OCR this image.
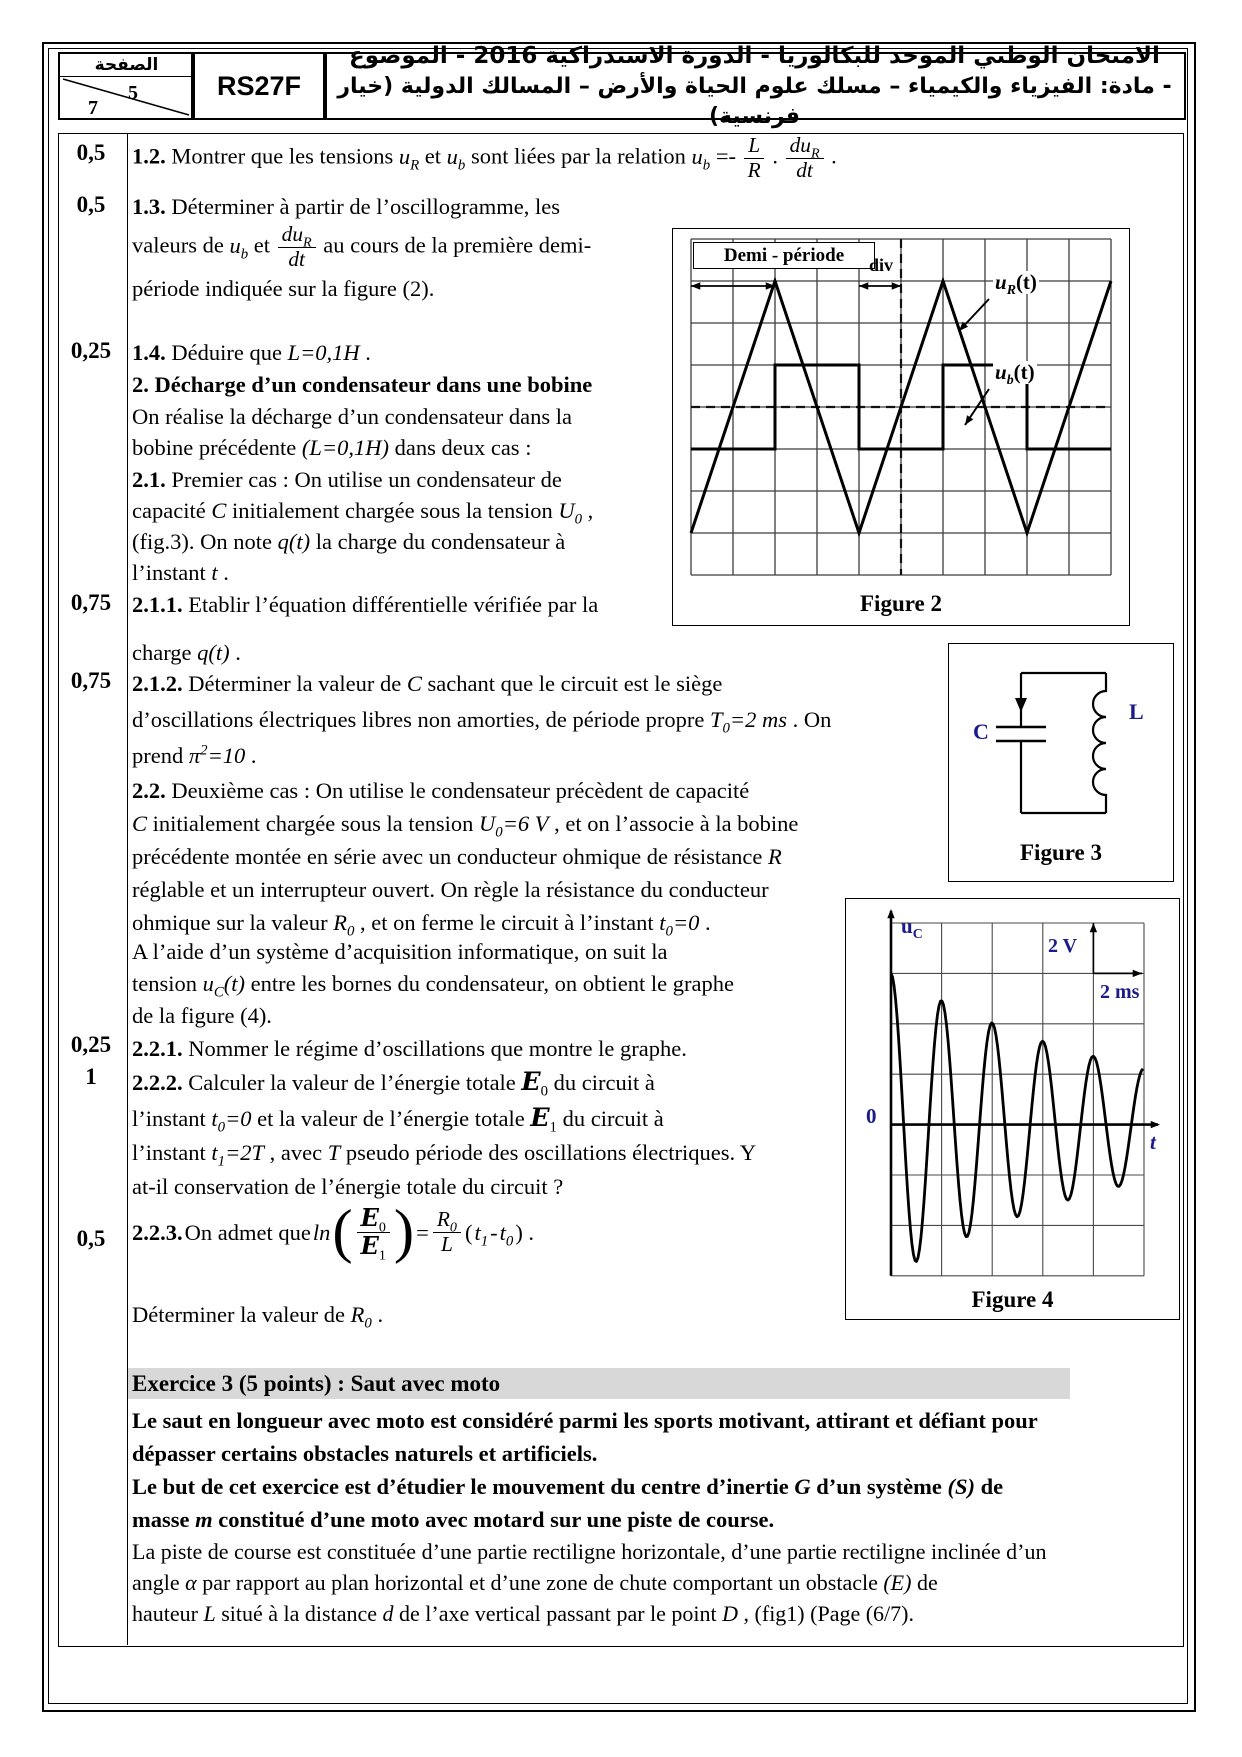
الصفحة
5
7
RS27F
الامتحان الوطني الموحد للبكالوريا - الدورة الاستدراكية 2016 - الموضوع
- مادة: الفيزياء والكيمياء – مسلك علوم الحياة والأرض – المسالك الدولية (خيار فرنسية)
0,5
0,5
0,25
0,75
0,75
0,25
1
0,5
1.2. Montrer que les tensions $u_R$ et $u_b$ sont liées par la relation $u_b =- \frac{L}{R}$ . $\frac{du_R}{dt}$ .
1.3. Déterminer à partir de l’oscillogramme, les
valeurs de $u_b$ et $\frac{du_R}{dt}$ au cours de la première demi-
période indiquée sur la figure (2).
1.4. Déduire que L=0,1H .
2. Décharge d’un condensateur dans une bobine
On réalise la décharge d’un condensateur dans la
bobine précédente (L=0,1H) dans deux cas :
2.1. Premier cas : On utilise un condensateur de
capacité C initialement chargée sous la tension $U_0$ ,
(fig.3). On note q(t) la charge du condensateur à
l’instant t .
2.1.1. Etablir l’équation différentielle vérifiée par la
charge q(t) .
2.1.2. Déterminer la valeur de C sachant que le circuit est le siège
d’oscillations électriques libres non amorties, de période propre $T_0=2$ ms . On
prend $\pi^2=10$ .
2.2. Deuxième cas : On utilise le condensateur précèdent de capacité
C initialement chargée sous la tension $U_0=6$ V , et on l’associe à la bobine
précédente montée en série avec un conducteur ohmique de résistance R
réglable et un interrupteur ouvert. On règle la résistance du conducteur
ohmique sur la valeur $R_0$ , et on ferme le circuit à l’instant $t_0=0$ .
A l’aide d’un système d’acquisition informatique, on suit la
tension $u_C(t)$ entre les bornes du condensateur, on obtient le graphe
de la figure (4).
2.2.1. Nommer le régime d’oscillations que montre le graphe.
2.2.2. Calculer la valeur de l’énergie totale $E_0$ du circuit à
l’instant $t_0=0$ et la valeur de l’énergie totale $E_1$ du circuit à
l’instant $t_1=2T$ , avec T pseudo période des oscillations électriques. Y
at-il conservation de l’énergie totale du circuit ?
2.2.3. On admet que ln ( $\frac{E_0}{E_1}$ ) = $\frac{R_0}{L}$ ( $t_1 - t_0$ ) .
Déterminer la valeur de $R_0$ .
Exercice 3 (5 points) : Saut avec moto
Le saut en longueur avec moto est considéré parmi les sports motivant, attirant et défiant pour
dépasser certains obstacles naturels et artificiels.
Le but de cet exercice est d’étudier le mouvement du centre d’inertie G d’un système (S) de
masse m constitué d’une moto avec motard sur une piste de course.
La piste de course est constituée d’une partie rectiligne horizontale, d’une partie rectiligne inclinée d’un
angle α par rapport au plan horizontal et d’une zone de chute comportant un obstacle (E) de
hauteur L situé à la distance d de l’axe vertical passant par le point D , (fig1) (Page (6/7).
Demi - période	div
$u_R(t)$
$u_b(t)$
Figure 2
C
L
Figure 3
$u_C$
0
2 V
2 ms
t
Figure 4
